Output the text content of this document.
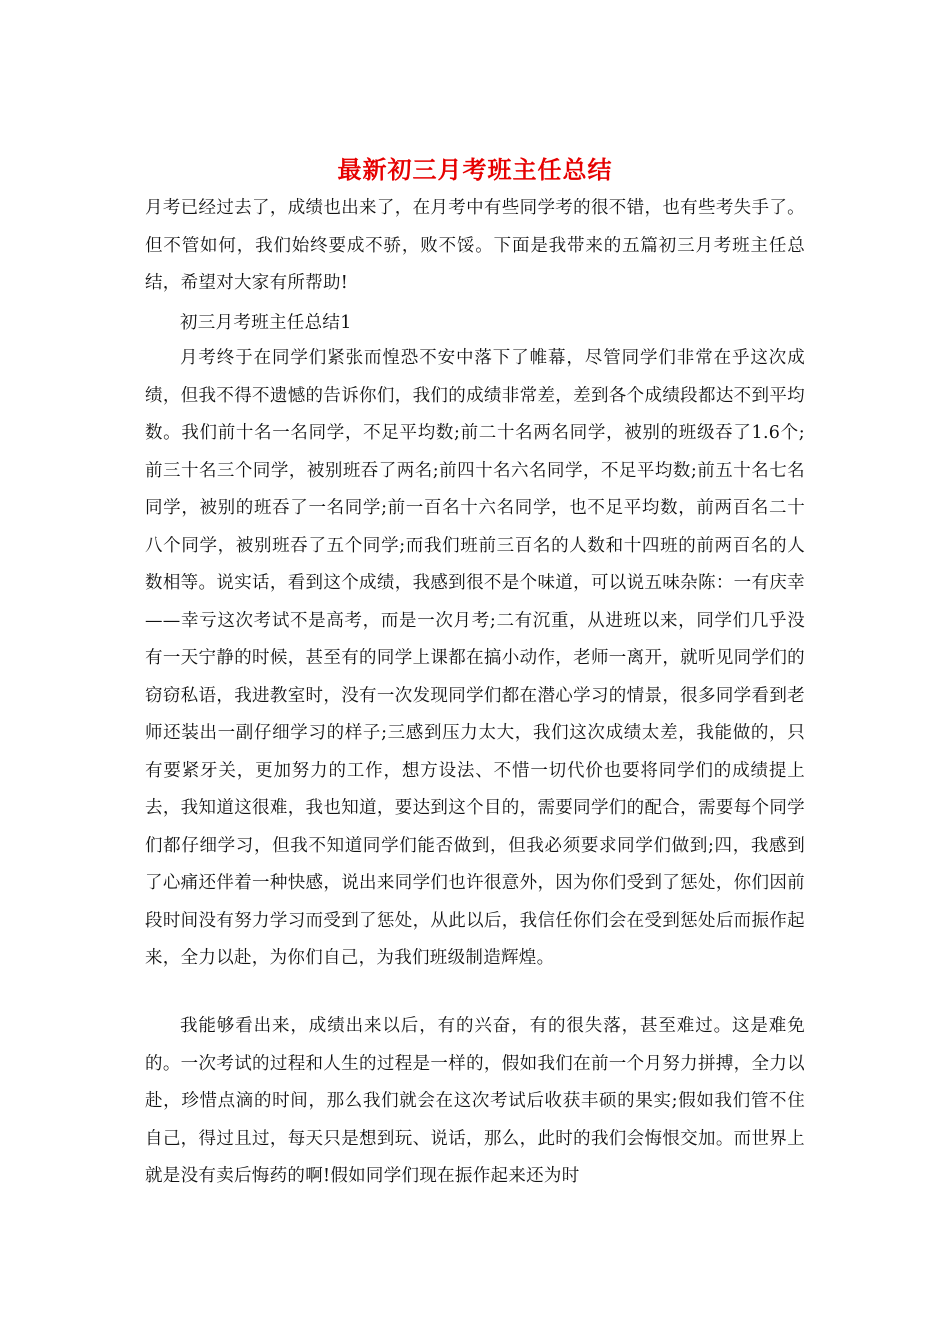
最新初三月考班主任总结
月考已经过去了，成绩也出来了，在月考中有些同学考的很不错，也有些考失手了。但不管如何，我们始终要成不骄，败不馁。下面是我带来的五篇初三月考班主任总结，希望对大家有所帮助!
初三月考班主任总结1
月考终于在同学们紧张而惶恐不安中落下了帷幕，尽管同学们非常在乎这次成绩，但我不得不遗憾的告诉你们，我们的成绩非常差，差到各个成绩段都达不到平均数。我们前十名一名同学，不足平均数;前二十名两名同学，被别的班级吞了1.6个;前三十名三个同学，被别班吞了两名;前四十名六名同学，不足平均数;前五十名七名同学，被别的班吞了一名同学;前一百名十六名同学，也不足平均数，前两百名二十八个同学，被别班吞了五个同学;而我们班前三百名的人数和十四班的前两百名的人数相等。说实话，看到这个成绩，我感到很不是个味道，可以说五味杂陈：一有庆幸——幸亏这次考试不是高考，而是一次月考;二有沉重，从进班以来，同学们几乎没有一天宁静的时候，甚至有的同学上课都在搞小动作，老师一离开，就听见同学们的窃窃私语，我进教室时，没有一次发现同学们都在潜心学习的情景，很多同学看到老师还装出一副仔细学习的样子;三感到压力太大，我们这次成绩太差，我能做的，只有要紧牙关，更加努力的工作，想方设法、不惜一切代价也要将同学们的成绩提上去，我知道这很难，我也知道，要达到这个目的，需要同学们的配合，需要每个同学们都仔细学习，但我不知道同学们能否做到，但我必须要求同学们做到;四，我感到了心痛还伴着一种快感，说出来同学们也许很意外，因为你们受到了惩处，你们因前段时间没有努力学习而受到了惩处，从此以后，我信任你们会在受到惩处后而振作起来，全力以赴，为你们自己，为我们班级制造辉煌。
我能够看出来，成绩出来以后，有的兴奋，有的很失落，甚至难过。这是难免的。一次考试的过程和人生的过程是一样的，假如我们在前一个月努力拼搏，全力以赴，珍惜点滴的时间，那么我们就会在这次考试后收获丰硕的果实;假如我们管不住自己，得过且过，每天只是想到玩、说话，那么，此时的我们会悔恨交加。而世界上就是没有卖后悔药的啊!假如同学们现在振作起来还为时
